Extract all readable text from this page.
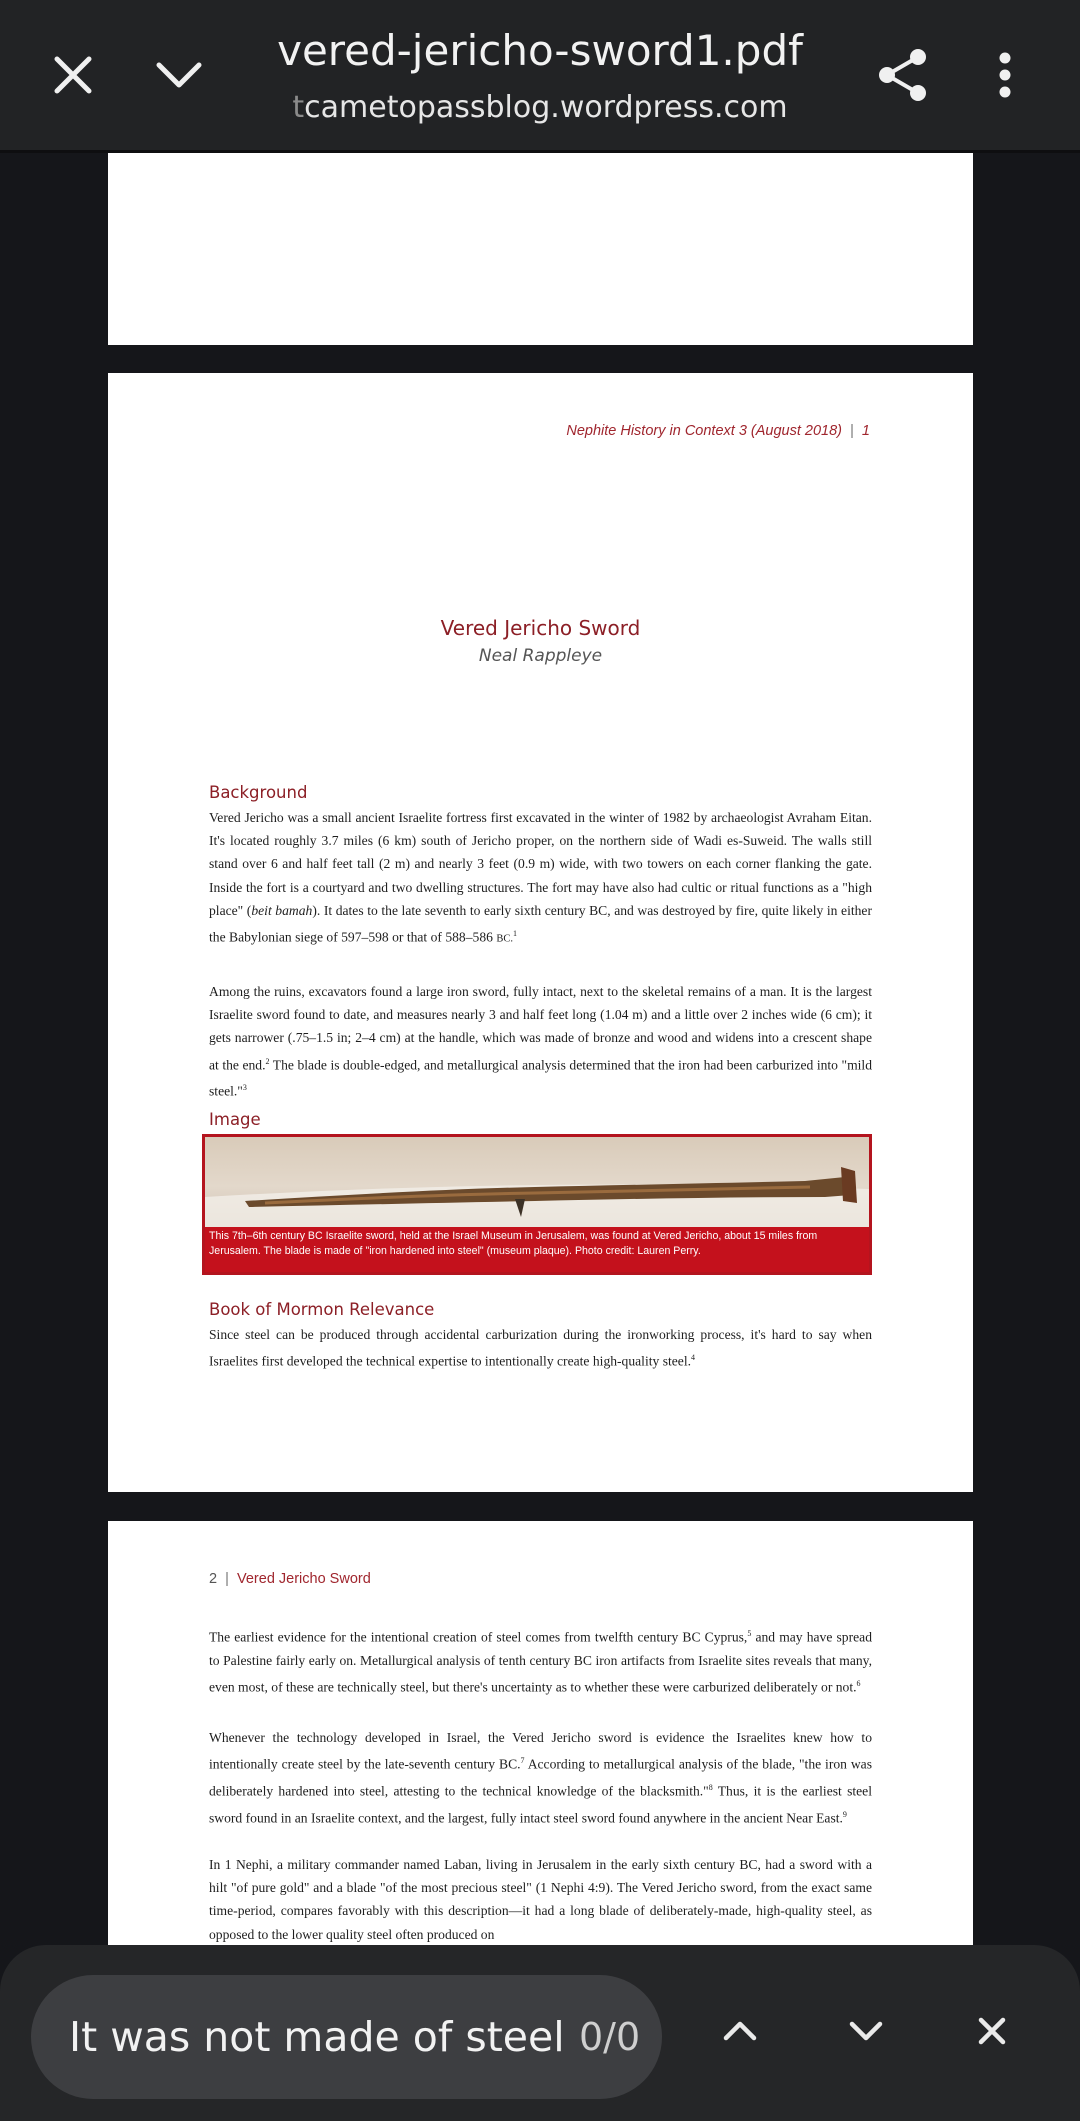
vered-jericho-sword1.pdf
tcametopassblog.wordpress.com
Nephite History in Context 3 (August 2018) | 1
Vered Jericho Sword
Neal Rappleye
Background

Vered Jericho was a small ancient Israelite fortress first excavated in the winter of 1982 by archaeologist Avraham Eitan. It's located roughly 3.7 miles (6 km) south of Jericho proper, on the northern side of Wadi es-Suweid. The walls still stand over 6 and half feet tall (2 m) and nearly 3 feet (0.9 m) wide, with two towers on each corner flanking the gate. Inside the fort is a courtyard and two dwelling structures. The fort may have also had cultic or ritual functions as a "high place" (beit bamah). It dates to the late seventh to early sixth century BC, and was destroyed by fire, quite likely in either the Babylonian siege of 597–598 or that of 588–586 BC.$^1$

Among the ruins, excavators found a large iron sword, fully intact, next to the skeletal remains of a man. It is the largest Israelite sword found to date, and measures nearly 3 and half feet long (1.04 m) and a little over 2 inches wide (6 cm); it gets narrower (.75–1.5 in; 2–4 cm) at the handle, which was made of bronze and wood and widens into a crescent shape at the end.$^2$ The blade is double-edged, and metallurgical analysis determined that the iron had been carburized into "mild steel."$^3$

Image
This 7th–6th century BC Israelite sword, held at the Israel Museum in Jerusalem, was found at Vered Jericho, about 15 miles from Jerusalem. The blade is made of "iron hardened into steel" (museum plaque). Photo credit: Lauren Perry.
Book of Mormon Relevance

Since steel can be produced through accidental carburization during the ironworking process, it's hard to say when Israelites first developed the technical expertise to intentionally create high-quality steel.$^4$

2 | Vered Jericho Sword

The earliest evidence for the intentional creation of steel comes from twelfth century BC Cyprus,$^5$ and may have spread to Palestine fairly early on. Metallurgical analysis of tenth century BC iron artifacts from Israelite sites reveals that many, even most, of these are technically steel, but there's uncertainty as to whether these were carburized deliberately or not.$^6$

Whenever the technology developed in Israel, the Vered Jericho sword is evidence the Israelites knew how to intentionally create steel by the late-seventh century BC.$^7$ According to metallurgical analysis of the blade, "the iron was deliberately hardened into steel, attesting to the technical knowledge of the blacksmith."$^8$ Thus, it is the earliest steel sword found in an Israelite context, and the largest, fully intact steel sword found anywhere in the ancient Near East.$^9$

In 1 Nephi, a military commander named Laban, living in Jerusalem in the early sixth century BC, had a sword with a hilt "of pure gold" and a blade "of the most precious steel" (1 Nephi 4:9). The Vered Jericho sword, from the exact same time-period, compares favorably with this description—it had a long blade of deliberately-made, high-quality steel, as opposed to the lower quality steel often produced on

It was not made of steel 0/0
